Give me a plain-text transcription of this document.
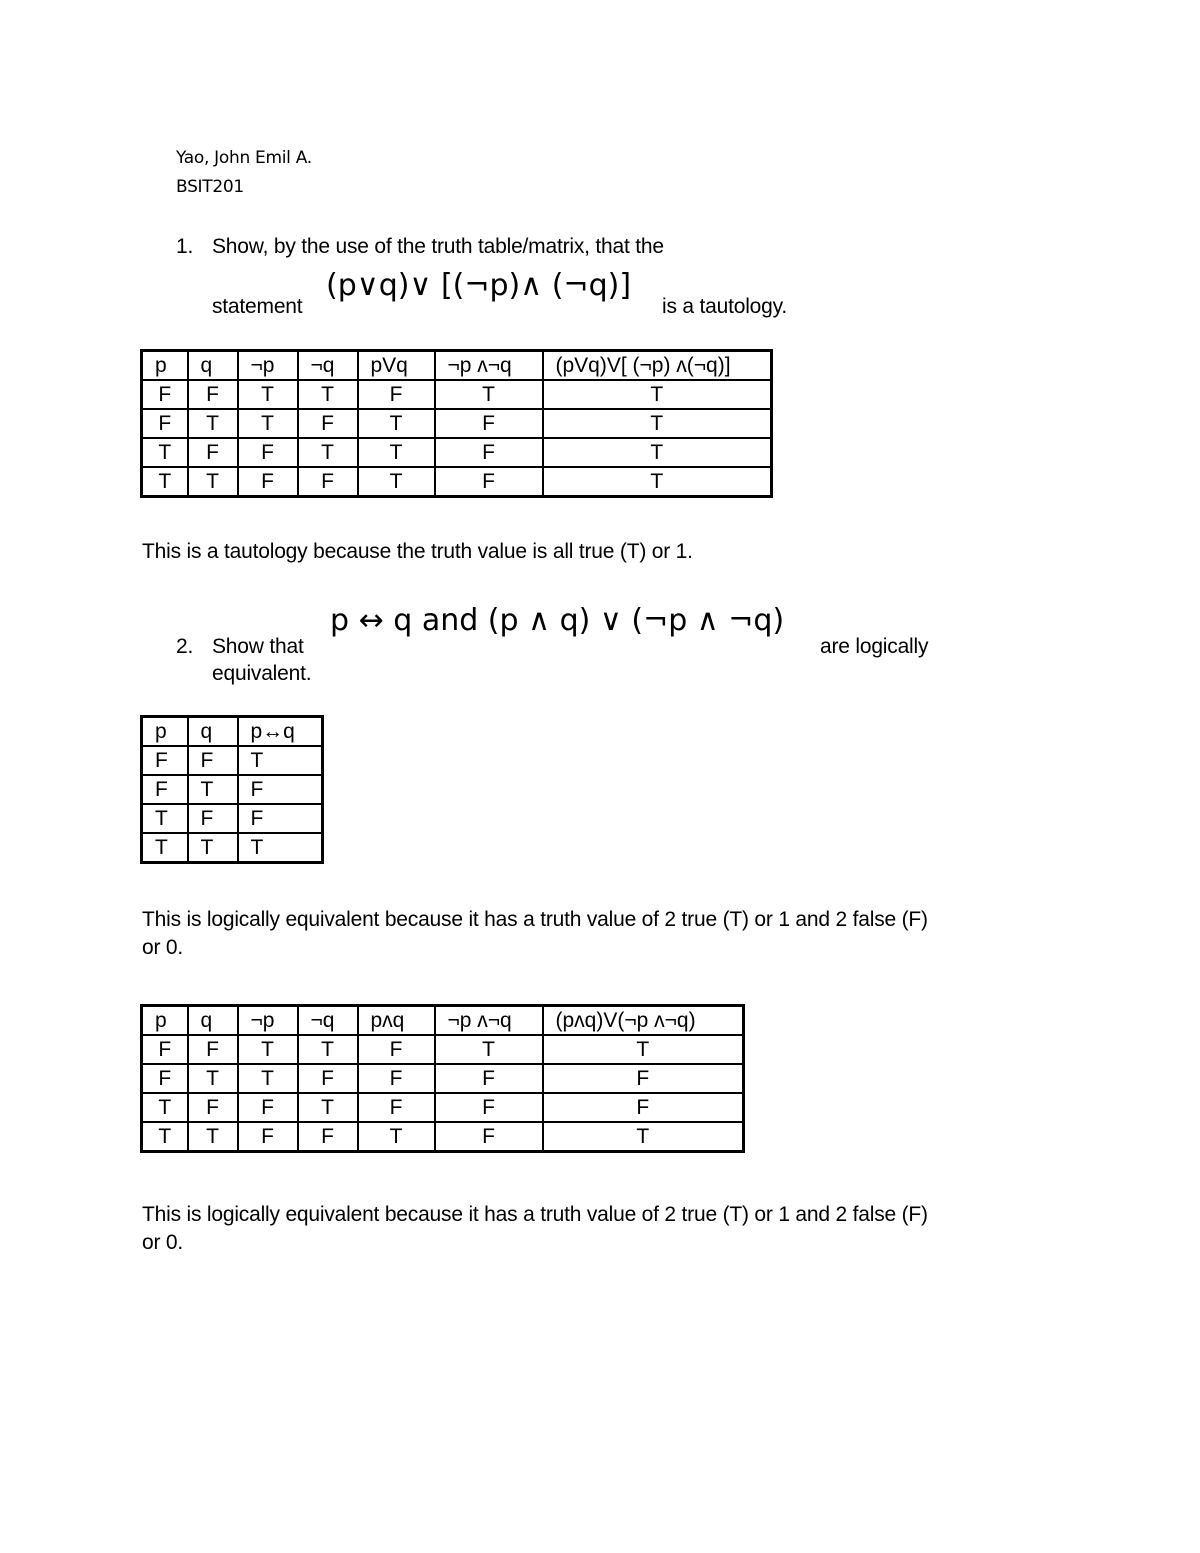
Yao, John Emil A.
BSIT201
1. Show, by the use of the truth table/matrix, that the
statement
(p∨q)∨ [(¬p)∧ (¬q)]
is a tautology.
p	q	¬p	¬q	pVq	¬p ʌ¬q	(pVq)V[ (¬p) ʌ(¬q)]
F	F	T	T	F	T	T
F	T	T	F	T	F	T
T	F	F	T	T	F	T
T	T	F	F	T	F	T
This is a tautology because the truth value is all true (T) or 1.
2. Show that
p ↔ q and (p ∧ q) ∨ (¬p ∧ ¬q)
are logically
equivalent.
p	q	p↔q
F	F	T
F	T	F
T	F	F
T	T	T
This is logically equivalent because it has a truth value of 2 true (T) or 1 and 2 false (F)
or 0.
p	q	¬p	¬q	pʌq	¬p ʌ¬q	(pʌq)V(¬p ʌ¬q)
F	F	T	T	F	T	T
F	T	T	F	F	F	F
T	F	F	T	F	F	F
T	T	F	F	T	F	T
This is logically equivalent because it has a truth value of 2 true (T) or 1 and 2 false (F)
or 0.
